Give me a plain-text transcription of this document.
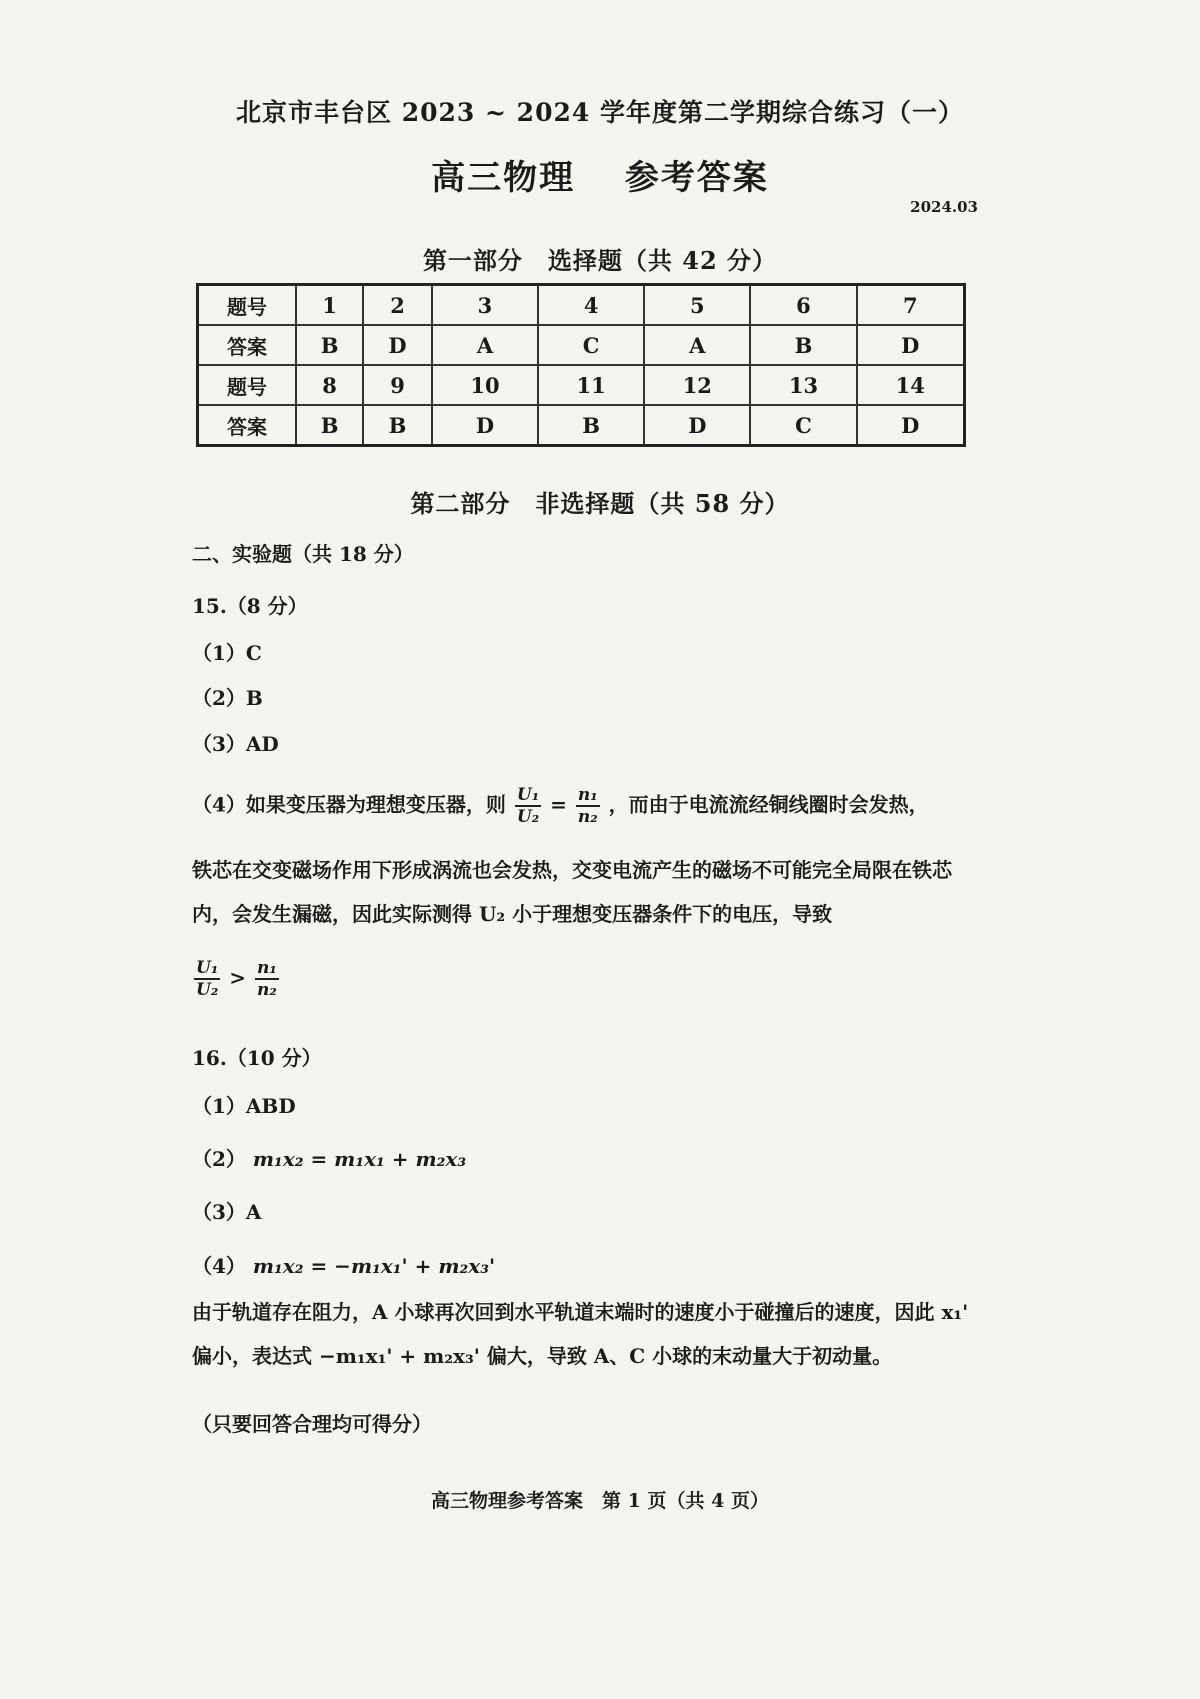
北京市丰台区 2023 ~ 2024 学年度第二学期综合练习（一）
高三物理 参考答案
2024.03
第一部分　选择题（共 42 分）
题号	1	2	3	4	5	6	7
答案	B	D	A	C	A	B	D
题号	8	9	10	11	12	13	14
答案	B	B	D	B	D	C	D
第二部分　非选择题（共 58 分）
二、实验题（共 18 分）
15.（8 分）
（1）C
（2）B
（3）AD
（4）如果变压器为理想变压器，则 $\frac{\text{U₁}}{\text{U₂}} = \frac{\text{n₁}}{\text{n₂}}$ ，而由于电流流经铜线圈时会发热，
铁芯在交变磁场作用下形成涡流也会发热，交变电流产生的磁场不可能完全局限在铁芯内，会发生漏磁，因此实际测得 U₂ 小于理想变压器条件下的电压，导致
$\frac{\text{U₁}}{\text{U₂}} > \frac{\text{n₁}}{\text{n₂}}$
16.（10 分）
（1）ABD
（2） m₁x₂ = m₁x₁ + m₂x₃
（3）A
（4） m₁x₂ = −m₁x₁' + m₂x₃'
由于轨道存在阻力，A 小球再次回到水平轨道末端时的速度小于碰撞后的速度，因此 x₁' 偏小，表达式 −m₁x₁' + m₂x₃' 偏大，导致 A、C 小球的末动量大于初动量。
（只要回答合理均可得分）
高三物理参考答案　第 1 页（共 4 页）
